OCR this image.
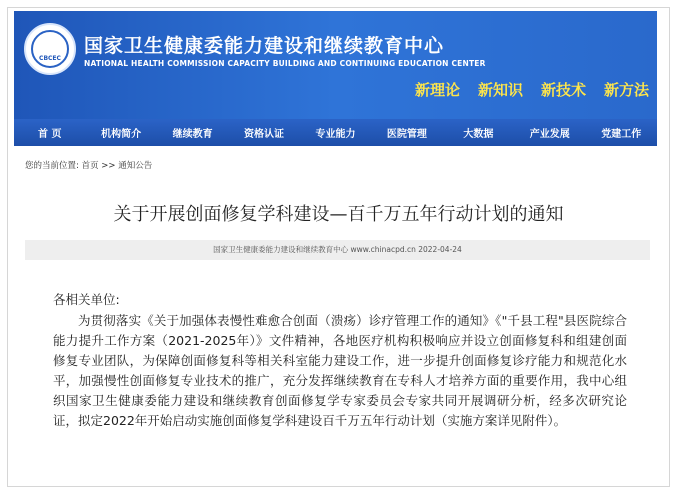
CBCEC
国家卫生健康委能力建设和继续教育中心
NATIONAL HEALTH COMMISSION CAPACITY BUILDING AND CONTINUING EDUCATION CENTER
新理论 新知识 新技术 新方法
首 页	机构简介	继续教育	资格认证	专业能力	医院管理	大数据	产业发展	党建工作
您的当前位置: 首页 >> 通知公告
关于开展创面修复学科建设—百千万五年行动计划的通知
国家卫生健康委能力建设和继续教育中心 www.chinacpd.cn 2022-04-24
各相关单位:
为贯彻落实《关于加强体表慢性难愈合创面（溃疡）诊疗管理工作的通知》《"千县工程"县医院综合能力提升工作方案（2021-2025年）》文件精神，各地医疗机构积极响应并设立创面修复科和组建创面修复专业团队，为保障创面修复科等相关科室能力建设工作，进一步提升创面修复诊疗能力和规范化水平，加强慢性创面修复专业技术的推广，充分发挥继续教育在专科人才培养方面的重要作用，我中心组织国家卫生健康委能力建设和继续教育创面修复学专家委员会专家共同开展调研分析，经多次研究论证，拟定2022年开始启动实施创面修复学科建设百千万五年行动计划（实施方案详见附件）。
